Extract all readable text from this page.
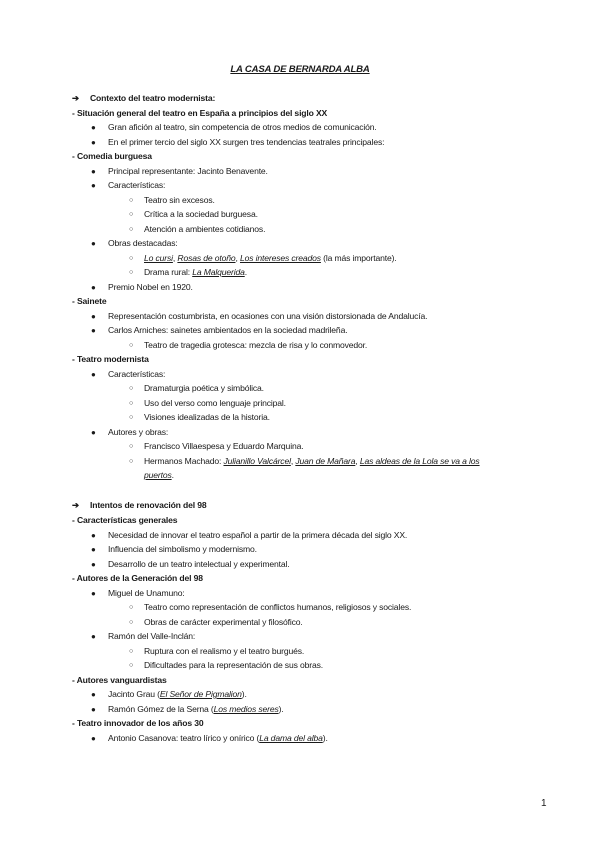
LA CASA DE BERNARDA ALBA
➔ Contexto del teatro modernista:
- Situación general del teatro en España a principios del siglo XX
● Gran afición al teatro, sin competencia de otros medios de comunicación.
● En el primer tercio del siglo XX surgen tres tendencias teatrales principales:
- Comedia burguesa
● Principal representante: Jacinto Benavente.
● Características:
○ Teatro sin excesos.
○ Crítica a la sociedad burguesa.
○ Atención a ambientes cotidianos.
● Obras destacadas:
○ Lo cursi, Rosas de otoño, Los intereses creados (la más importante).
○ Drama rural: La Malquerida.
● Premio Nobel en 1920.
- Sainete
● Representación costumbrista, en ocasiones con una visión distorsionada de Andalucía.
● Carlos Arniches: sainetes ambientados en la sociedad madrileña.
○ Teatro de tragedia grotesca: mezcla de risa y lo conmovedor.
- Teatro modernista
● Características:
○ Dramaturgia poética y simbólica.
○ Uso del verso como lenguaje principal.
○ Visiones idealizadas de la historia.
● Autores y obras:
○ Francisco Villaespesa y Eduardo Marquina.
○ Hermanos Machado: Julianillo Valcárcel, Juan de Mañara, Las aldeas de la Lola se va a los
puertos.
➔ Intentos de renovación del 98
- Características generales
● Necesidad de innovar el teatro español a partir de la primera década del siglo XX.
● Influencia del simbolismo y modernismo.
● Desarrollo de un teatro intelectual y experimental.
- Autores de la Generación del 98
● Miguel de Unamuno:
○ Teatro como representación de conflictos humanos, religiosos y sociales.
○ Obras de carácter experimental y filosófico.
● Ramón del Valle-Inclán:
○ Ruptura con el realismo y el teatro burgués.
○ Dificultades para la representación de sus obras.
- Autores vanguardistas
● Jacinto Grau (El Señor de Pigmalion).
● Ramón Gómez de la Serna (Los medios seres).
- Teatro innovador de los años 30
● Antonio Casanova: teatro lírico y onírico (La dama del alba).
1
